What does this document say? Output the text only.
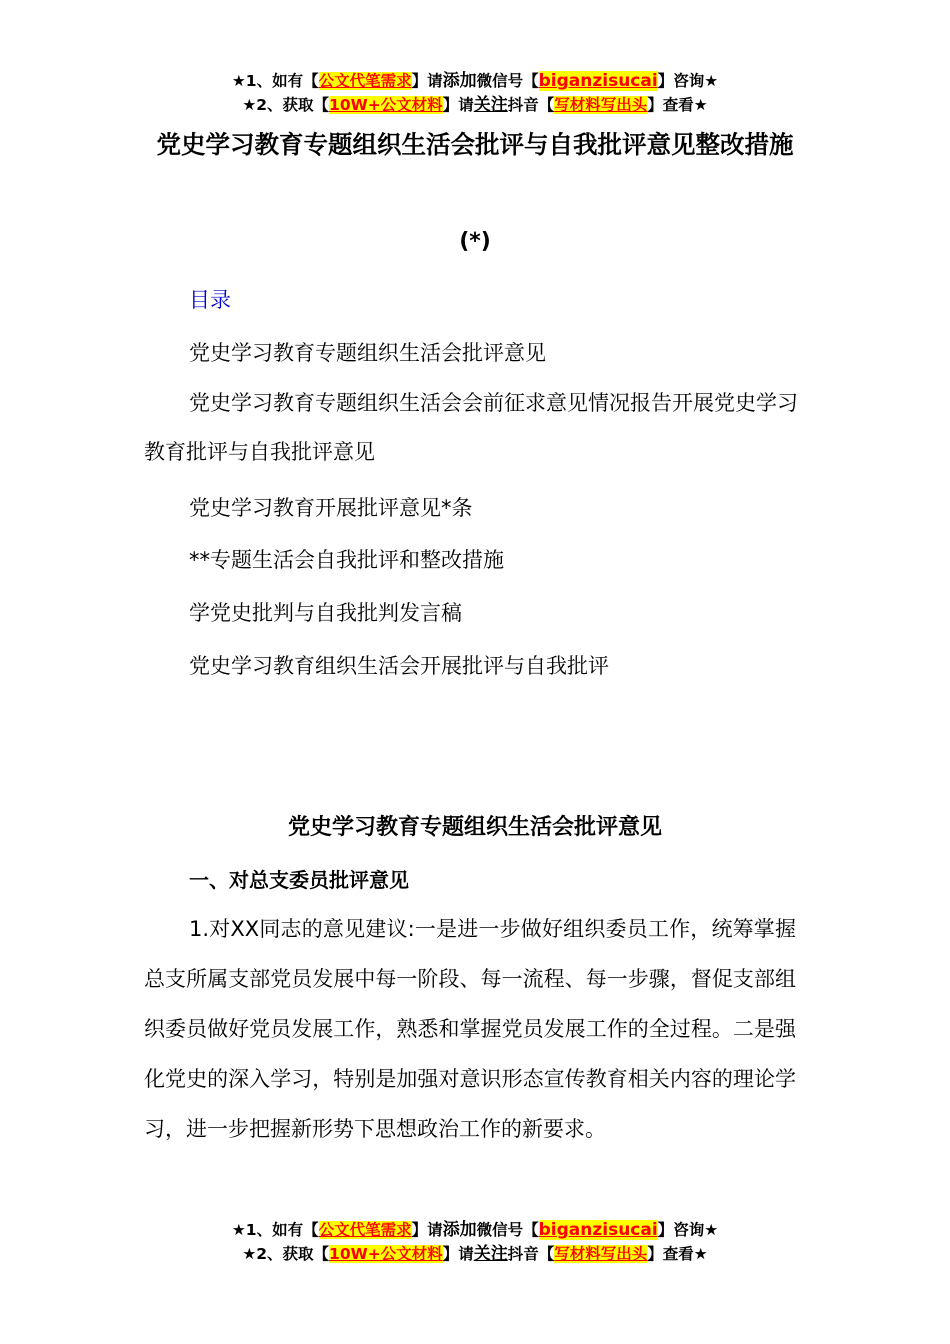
★1、如有【公文代笔需求】请添加微信号【biganzisucai】咨询★
★2、获取【10W+公文材料】请关注抖音【写材料写出头】查看★
党史学习教育专题组织生活会批评与自我批评意见整改措施
(*)
目录
党史学习教育专题组织生活会批评意见
党史学习教育专题组织生活会会前征求意见情况报告开展党史学习教育批评与自我批评意见
党史学习教育开展批评意见*条
**专题生活会自我批评和整改措施
学党史批判与自我批判发言稿
党史学习教育组织生活会开展批评与自我批评
党史学习教育专题组织生活会批评意见
一、对总支委员批评意见
1.对XX同志的意见建议:一是进一步做好组织委员工作，统筹掌握总支所属支部党员发展中每一阶段、每一流程、每一步骤，督促支部组织委员做好党员发展工作，熟悉和掌握党员发展工作的全过程。二是强化党史的深入学习，特别是加强对意识形态宣传教育相关内容的理论学习，进一步把握新形势下思想政治工作的新要求。
★1、如有【公文代笔需求】请添加微信号【biganzisucai】咨询★
★2、获取【10W+公文材料】请关注抖音【写材料写出头】查看★
